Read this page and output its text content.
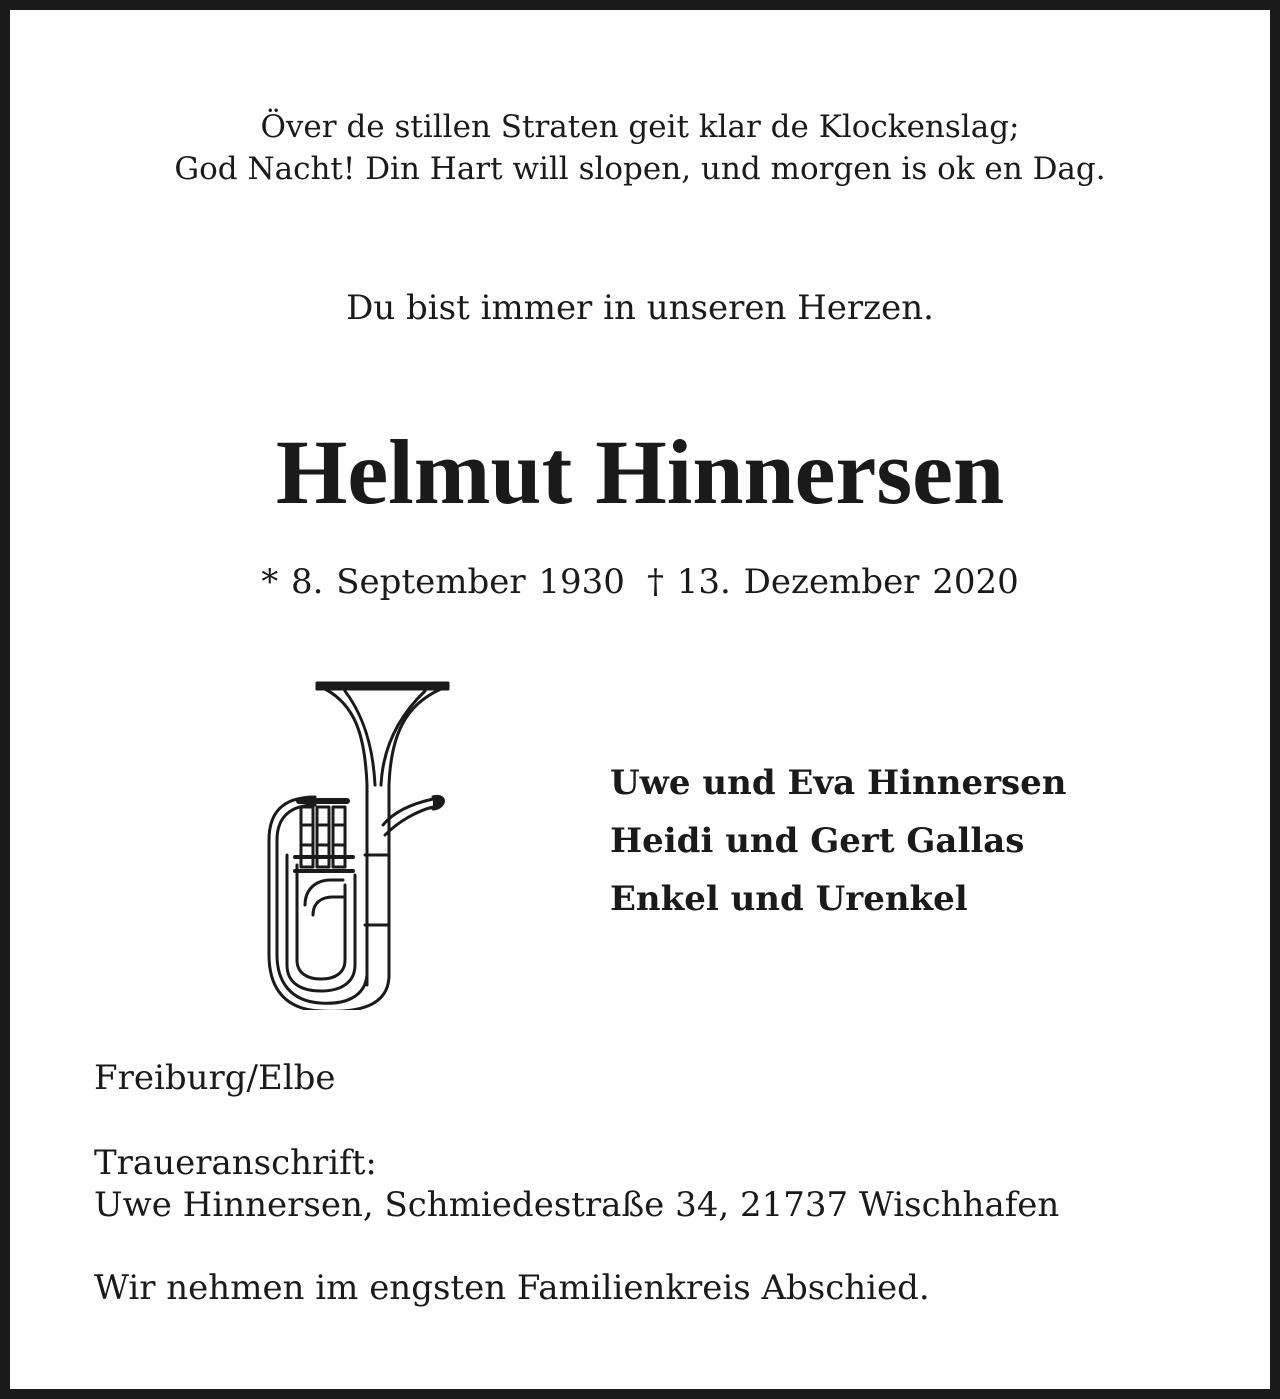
Över de stillen Straten geit klar de Klockenslag;
God Nacht! Din Hart will slopen, und morgen is ok en Dag.
Du bist immer in unseren Herzen.
Helmut Hinnersen
* 8. September 1930 † 13. Dezember 2020
Uwe und Eva Hinnersen
Heidi und Gert Gallas
Enkel und Urenkel
Freiburg/Elbe
Traueranschrift:
Uwe Hinnersen, Schmiedestraße 34, 21737 Wischhafen
Wir nehmen im engsten Familienkreis Abschied.
